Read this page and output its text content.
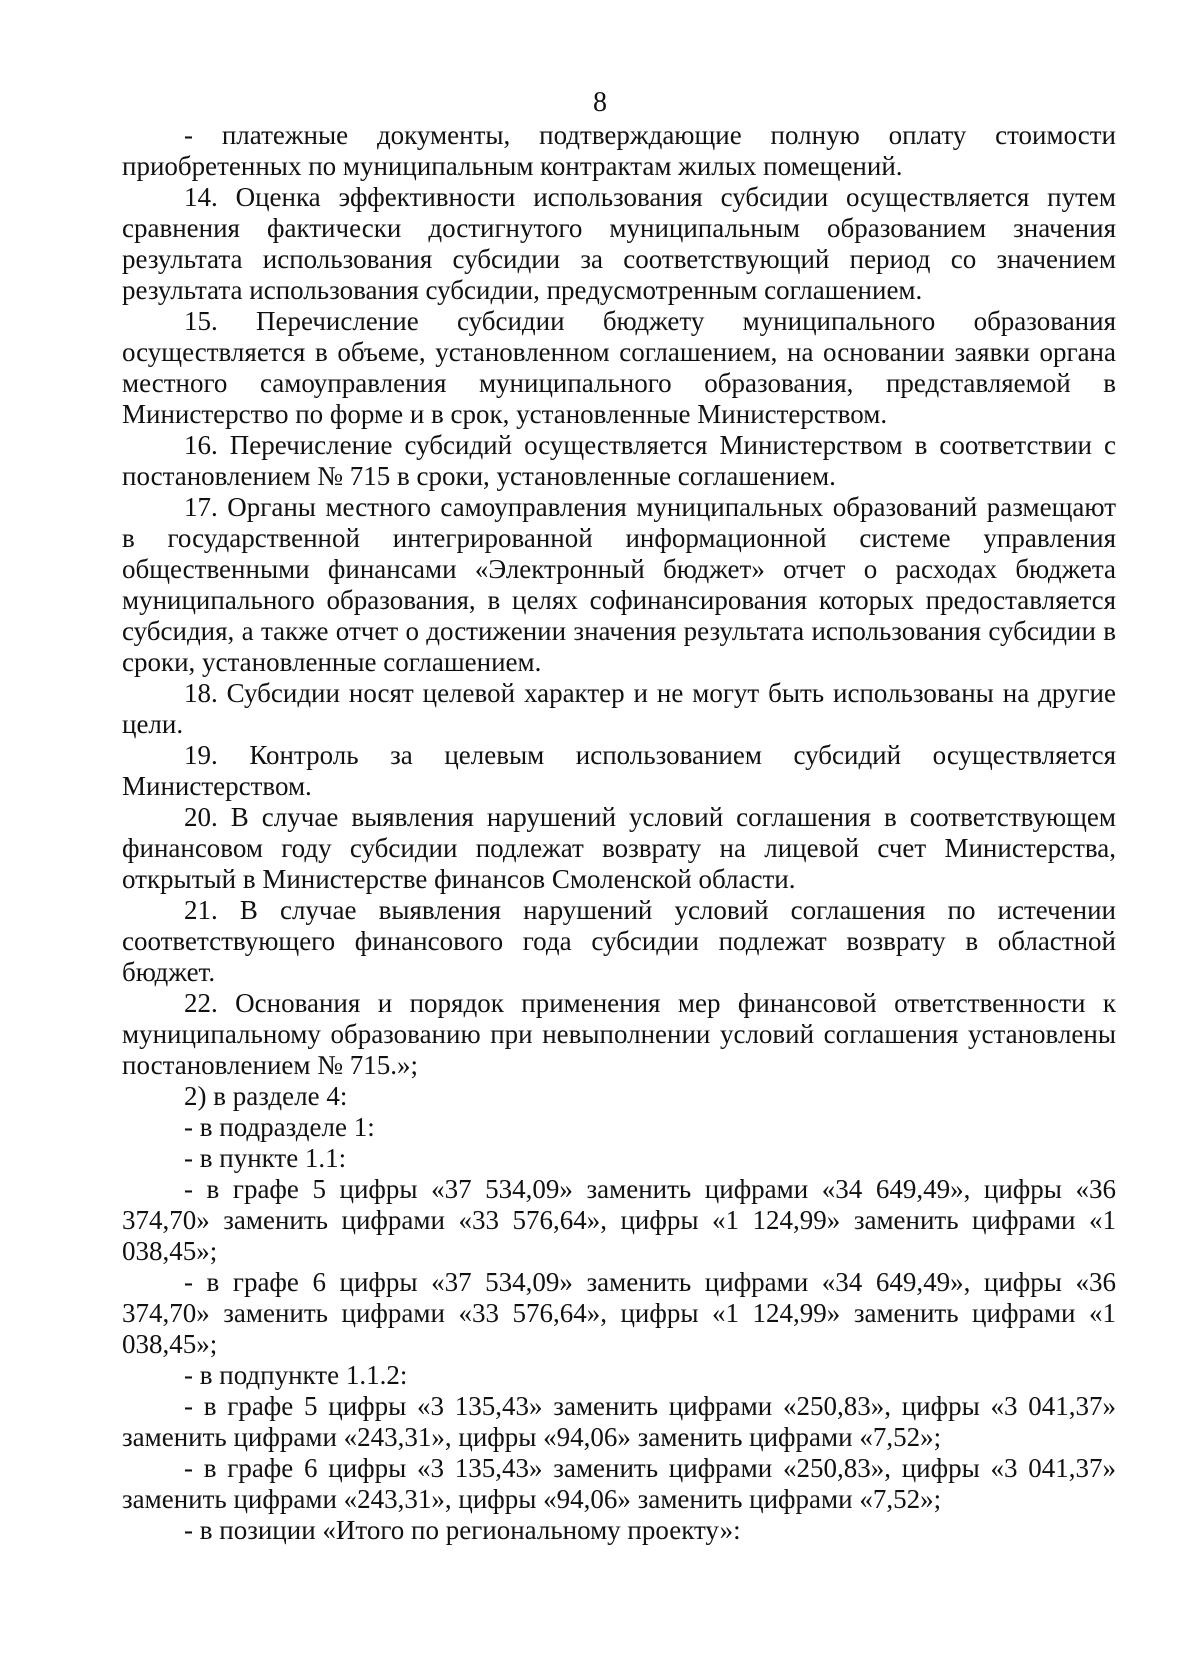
8

- платежные документы, подтверждающие полную оплату стоимости приобретенных по муниципальным контрактам жилых помещений.

14. Оценка эффективности использования субсидии осуществляется путем сравнения фактически достигнутого муниципальным образованием значения результата использования субсидии за соответствующий период со значением результата использования субсидии, предусмотренным соглашением.

15. Перечисление субсидии бюджету муниципального образования осуществляется в объеме, установленном соглашением, на основании заявки органа местного самоуправления муниципального образования, представляемой в Министерство по форме и в срок, установленные Министерством.

16. Перечисление субсидий осуществляется Министерством в соответствии с постановлением № 715 в сроки, установленные соглашением.

17. Органы местного самоуправления муниципальных образований размещают в государственной интегрированной информационной системе управления общественными финансами «Электронный бюджет» отчет о расходах бюджета муниципального образования, в целях софинансирования которых предоставляется субсидия, а также отчет о достижении значения результата использования субсидии в сроки, установленные соглашением.

18. Субсидии носят целевой характер и не могут быть использованы на другие цели.

19. Контроль за целевым использованием субсидий осуществляется Министерством.

20. В случае выявления нарушений условий соглашения в соответствующем финансовом году субсидии подлежат возврату на лицевой счет Министерства, открытый в Министерстве финансов Смоленской области.

21. В случае выявления нарушений условий соглашения по истечении соответствующего финансового года субсидии подлежат возврату в областной бюджет.

22. Основания и порядок применения мер финансовой ответственности к муниципальному образованию при невыполнении условий соглашения установлены постановлением № 715.»;

2) в разделе 4:

- в подразделе 1:

- в пункте 1.1:

- в графе 5 цифры «37 534,09» заменить цифрами «34 649,49», цифры «36 374,70» заменить цифрами «33 576,64», цифры «1 124,99» заменить цифрами «1 038,45»;

- в графе 6 цифры «37 534,09» заменить цифрами «34 649,49», цифры «36 374,70» заменить цифрами «33 576,64», цифры «1 124,99» заменить цифрами «1 038,45»;

- в подпункте 1.1.2:

- в графе 5 цифры «3 135,43» заменить цифрами «250,83», цифры «3 041,37» заменить цифрами «243,31», цифры «94,06» заменить цифрами «7,52»;

- в графе 6 цифры «3 135,43» заменить цифрами «250,83», цифры «3 041,37» заменить цифрами «243,31», цифры «94,06» заменить цифрами «7,52»;

- в позиции «Итого по региональному проекту»:
